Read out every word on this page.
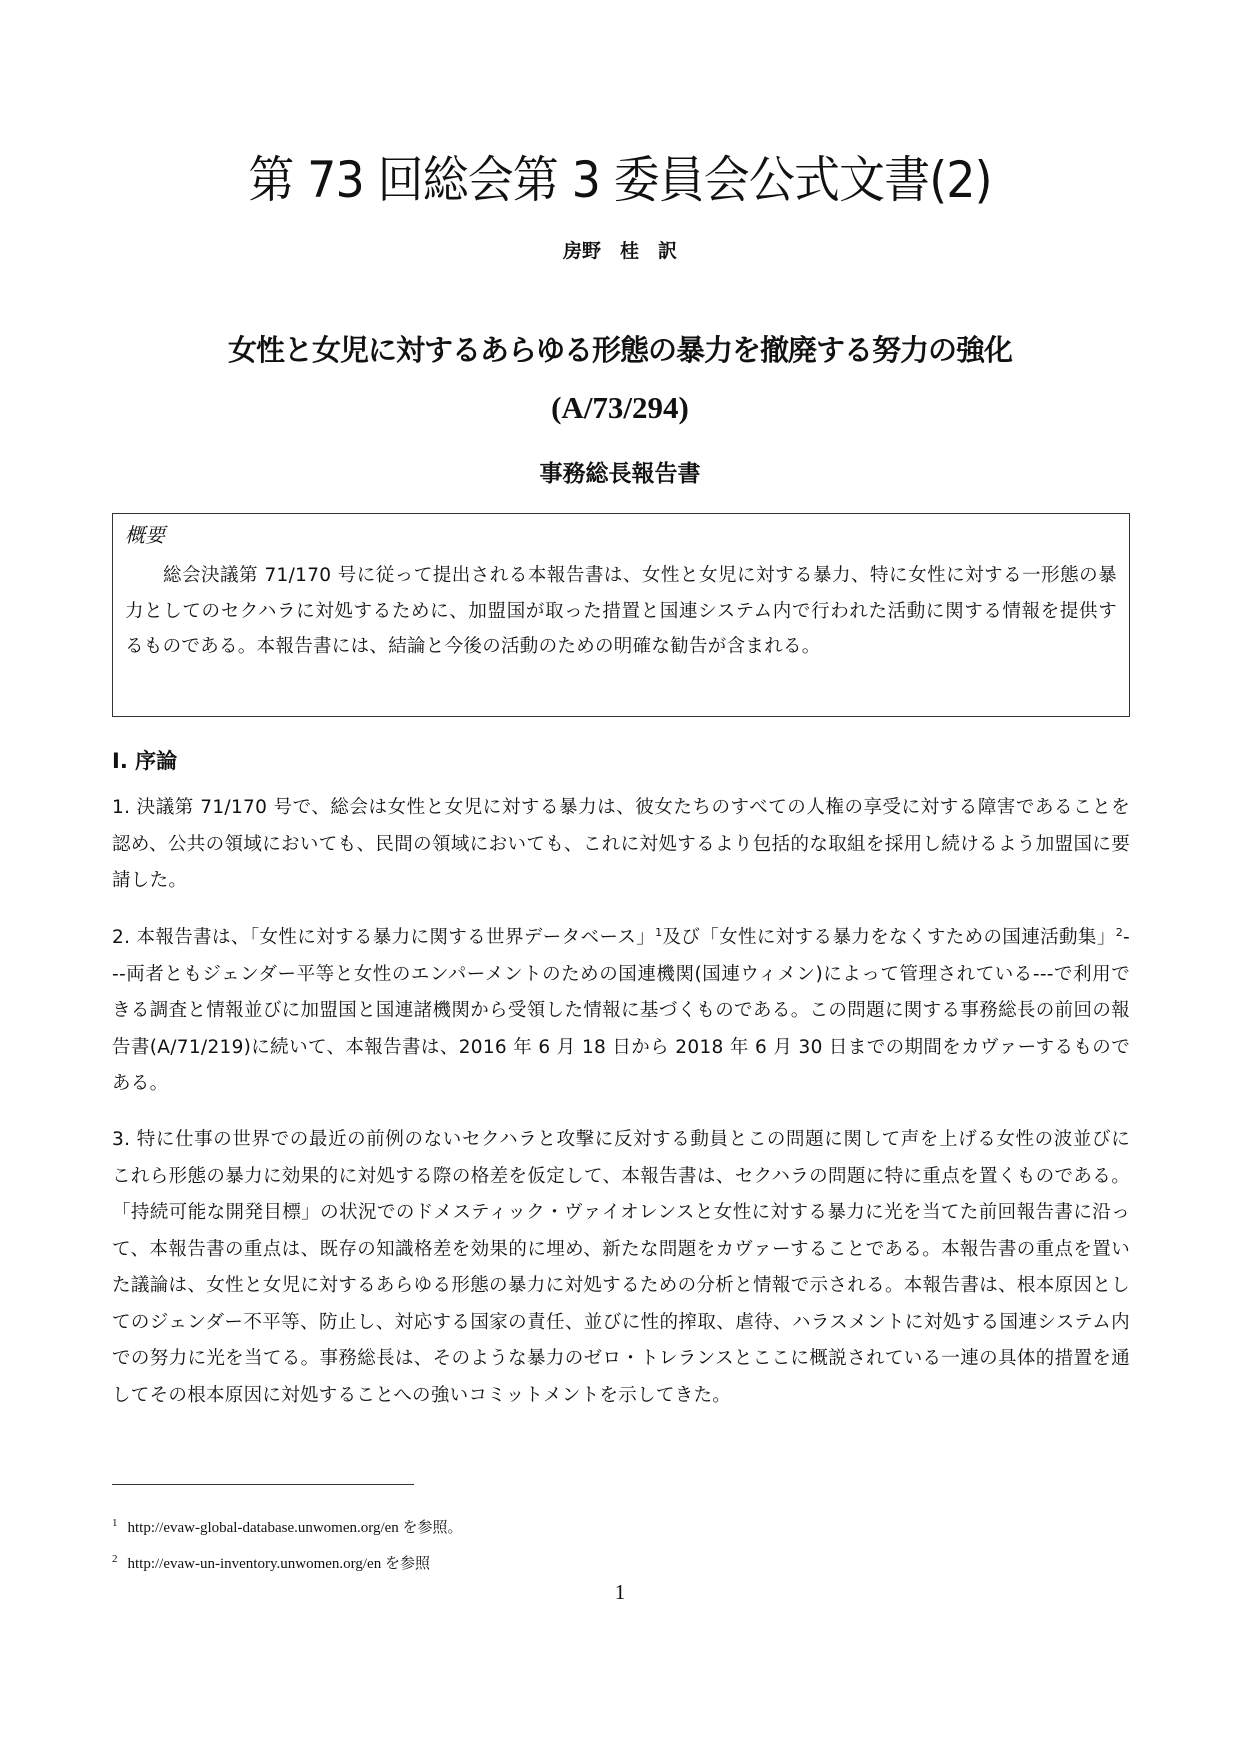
第 73 回総会第 3 委員会公式文書(2)
房野　桂　訳
女性と女児に対するあらゆる形態の暴力を撤廃する努力の強化
(A/73/294)
事務総長報告書
概要
総会決議第 71/170 号に従って提出される本報告書は、女性と女児に対する暴力、特に女性に対する一形態の暴力としてのセクハラに対処するために、加盟国が取った措置と国連システム内で行われた活動に関する情報を提供するものである。本報告書には、結論と今後の活動のための明確な勧告が含まれる。
I. 序論
1. 決議第 71/170 号で、総会は女性と女児に対する暴力は、彼女たちのすべての人権の享受に対する障害であることを認め、公共の領域においても、民間の領域においても、これに対処するより包括的な取組を採用し続けるよう加盟国に要請した。
2. 本報告書は、「女性に対する暴力に関する世界データベース」$^1$及び「女性に対する暴力をなくすための国連活動集」$^2$---両者ともジェンダー平等と女性のエンパーメントのための国連機関(国連ウィメン)によって管理されている---で利用できる調査と情報並びに加盟国と国連諸機関から受領した情報に基づくものである。この問題に関する事務総長の前回の報告書(A/71/219)に続いて、本報告書は、2016 年 6 月 18 日から 2018 年 6 月 30 日までの期間をカヴァーするものである。
3. 特に仕事の世界での最近の前例のないセクハラと攻撃に反対する動員とこの問題に関して声を上げる女性の波並びにこれら形態の暴力に効果的に対処する際の格差を仮定して、本報告書は、セクハラの問題に特に重点を置くものである。「持続可能な開発目標」の状況でのドメスティック・ヴァイオレンスと女性に対する暴力に光を当てた前回報告書に沿って、本報告書の重点は、既存の知識格差を効果的に埋め、新たな問題をカヴァーすることである。本報告書の重点を置いた議論は、女性と女児に対するあらゆる形態の暴力に対処するための分析と情報で示される。本報告書は、根本原因としてのジェンダー不平等、防止し、対応する国家の責任、並びに性的搾取、虐待、ハラスメントに対処する国連システム内での努力に光を当てる。事務総長は、そのような暴力のゼロ・トレランスとここに概説されている一連の具体的措置を通してその根本原因に対処することへの強いコミットメントを示してきた。
$^1$ http://evaw-global-database.unwomen.org/en を参照。
$^2$ http://evaw-un-inventory.unwomen.org/en を参照
1
